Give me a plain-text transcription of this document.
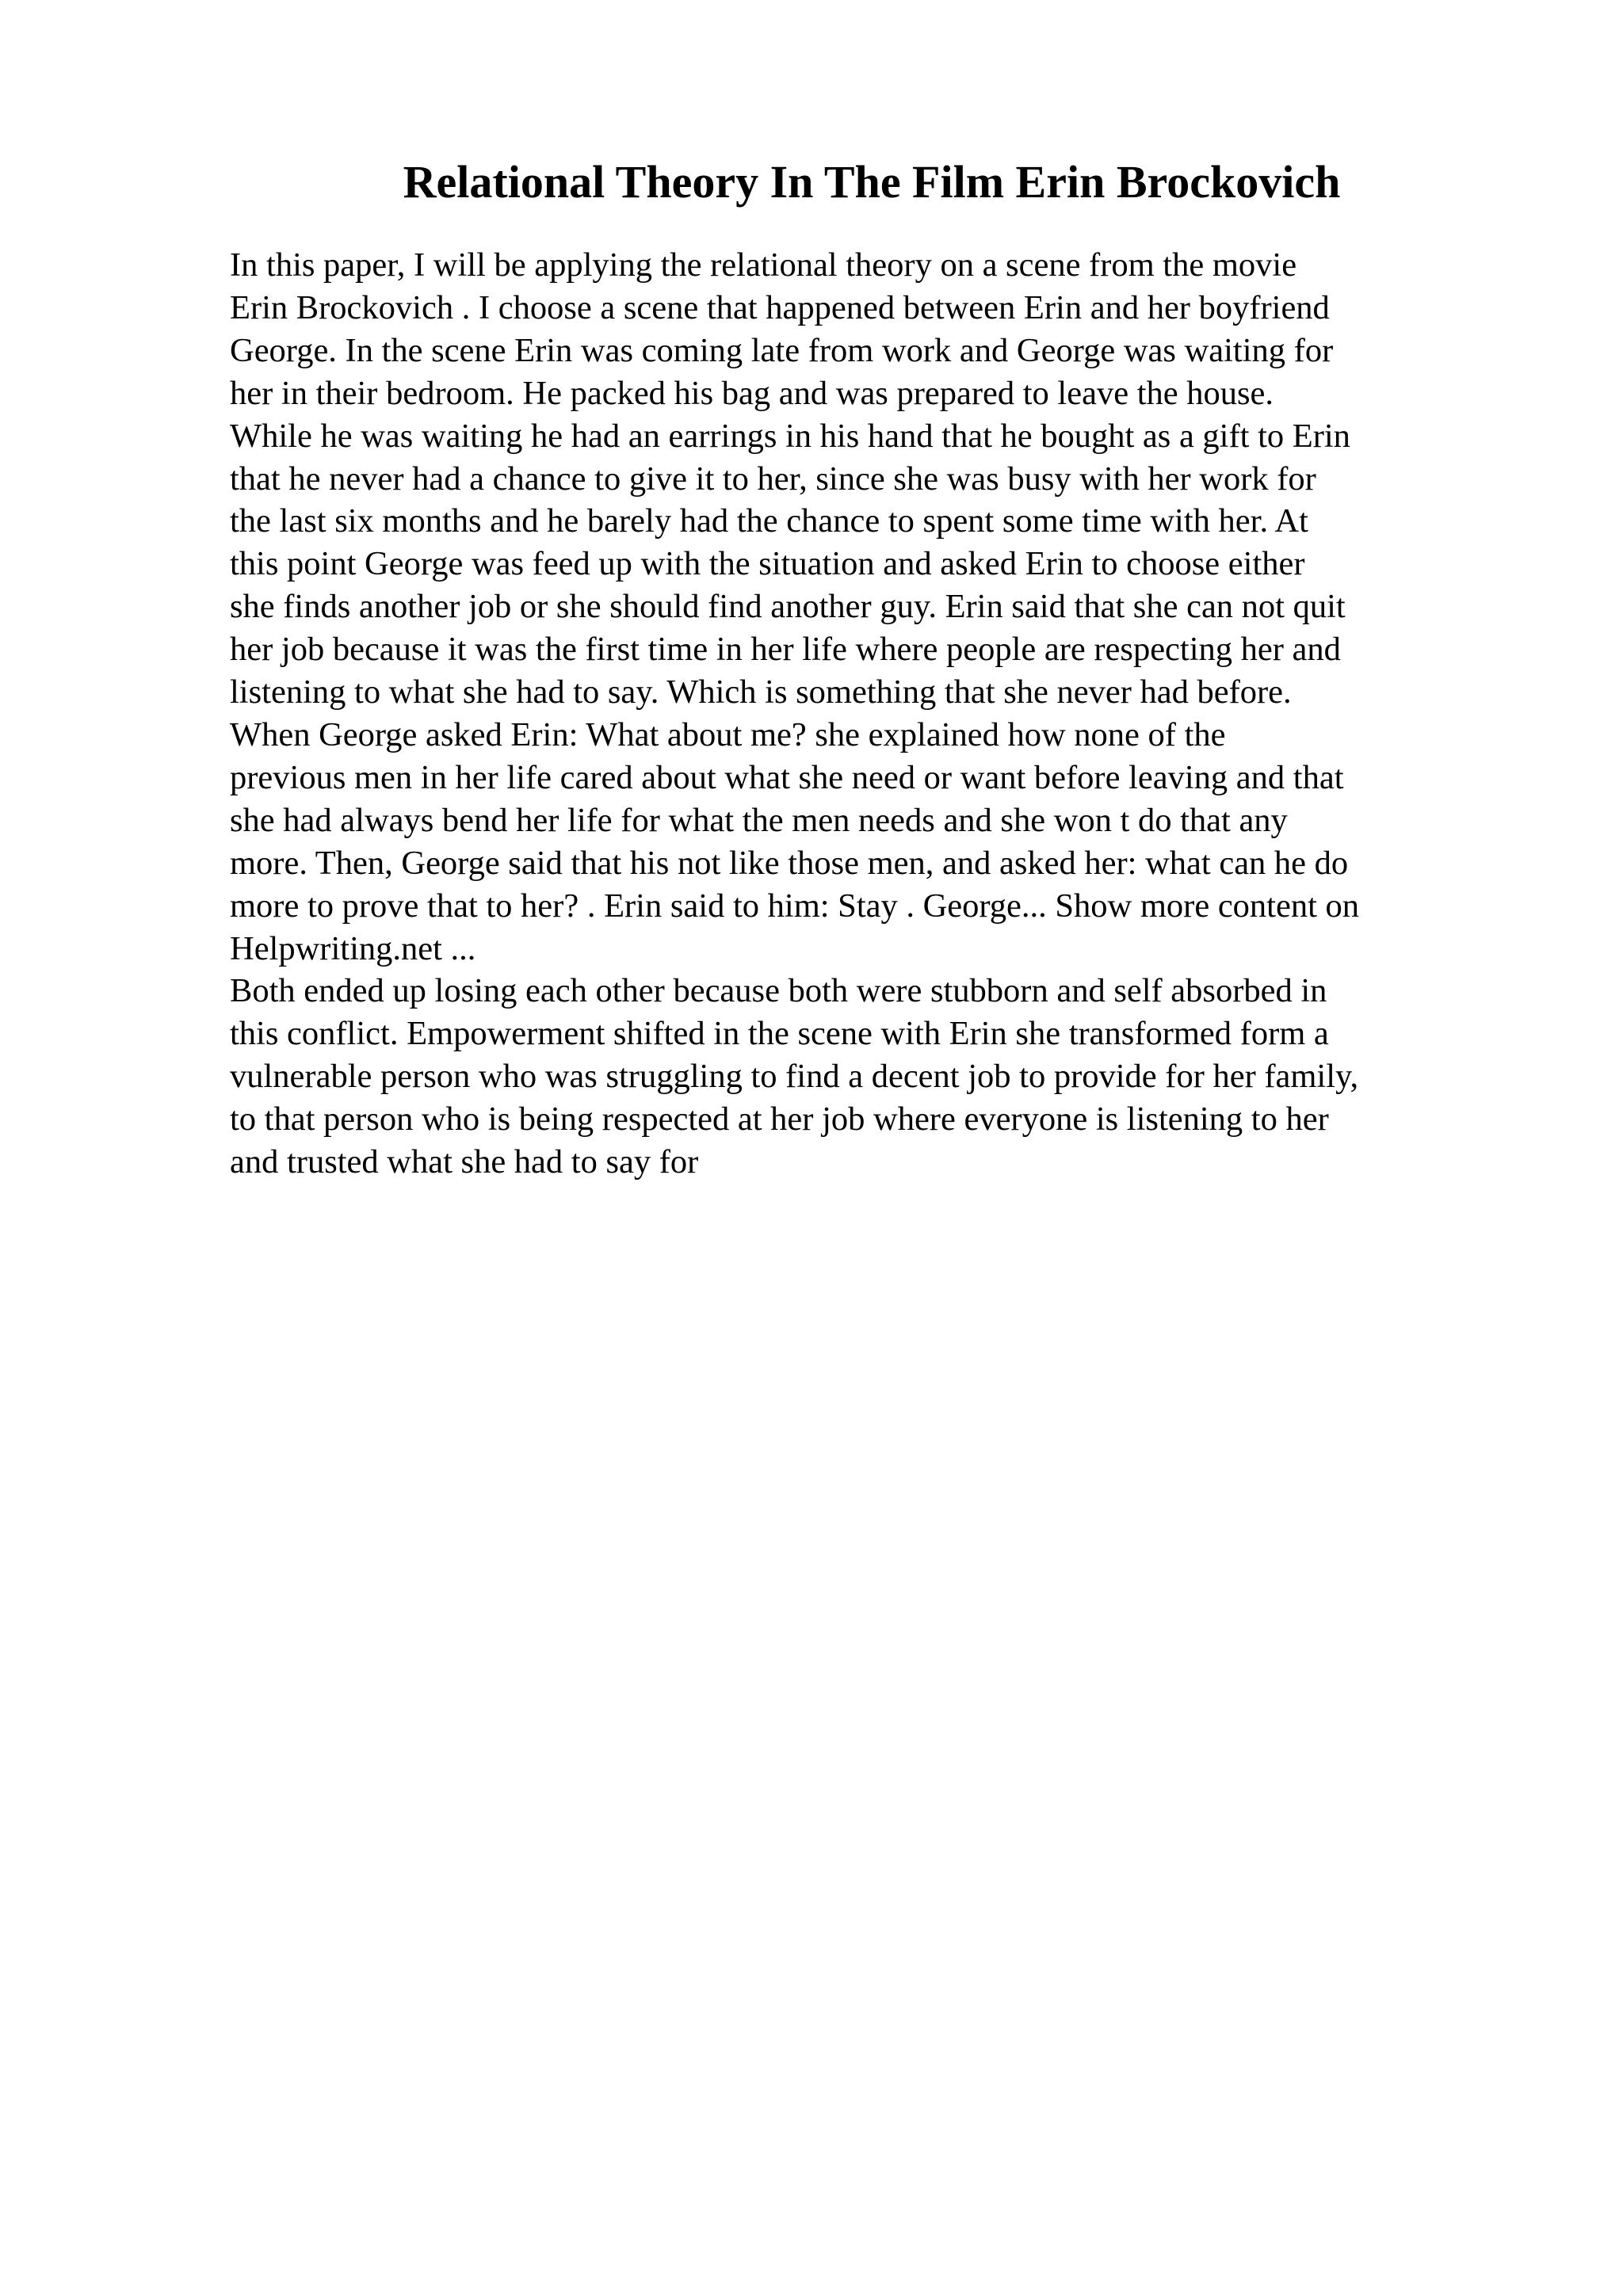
Relational Theory In The Film Erin Brockovich
In this paper, I will be applying the relational theory on a scene from the movie
Erin Brockovich . I choose a scene that happened between Erin and her boyfriend
George. In the scene Erin was coming late from work and George was waiting for
her in their bedroom. He packed his bag and was prepared to leave the house.
While he was waiting he had an earrings in his hand that he bought as a gift to Erin
that he never had a chance to give it to her, since she was busy with her work for
the last six months and he barely had the chance to spent some time with her. At
this point George was feed up with the situation and asked Erin to choose either
she finds another job or she should find another guy. Erin said that she can not quit
her job because it was the first time in her life where people are respecting her and
listening to what she had to say. Which is something that she never had before.
When George asked Erin: What about me? she explained how none of the
previous men in her life cared about what she need or want before leaving and that
she had always bend her life for what the men needs and she won t do that any
more. Then, George said that his not like those men, and asked her: what can he do
more to prove that to her? . Erin said to him: Stay . George... Show more content on
Helpwriting.net ...
Both ended up losing each other because both were stubborn and self absorbed in
this conflict. Empowerment shifted in the scene with Erin she transformed form a
vulnerable person who was struggling to find a decent job to provide for her family,
to that person who is being respected at her job where everyone is listening to her
and trusted what she had to say for
